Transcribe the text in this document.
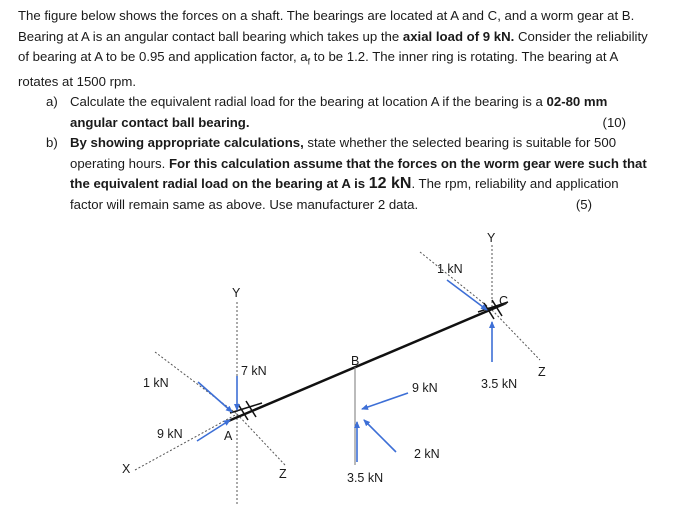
The figure below shows the forces on a shaft. The bearings are located at A and C, and a worm gear at B. Bearing at A is an angular contact ball bearing which takes up the axial load of 9 kN. Consider the reliability of bearing at A to be 0.95 and application factor, $a_f$ to be 1.2. The inner ring is rotating. The bearing at A rotates at 1500 rpm.

a) Calculate the equivalent radial load for the bearing at location A if the bearing is a 02-80 mm angular contact ball bearing.	(10)
b) By showing appropriate calculations, state whether the selected bearing is suitable for 500 operating hours. For this calculation assume that the forces on the worm gear were such that the equivalent radial load on the bearing at A is 12 kN. The rpm, reliability and application factor will remain same as above. Use manufacturer 2 data.	(5)
1 kN
Y
C
Z
3.5 kN
9 kN
B
2 kN
3.5 kN
Y
7 kN
1 kN
9 kN	A
X	Z
